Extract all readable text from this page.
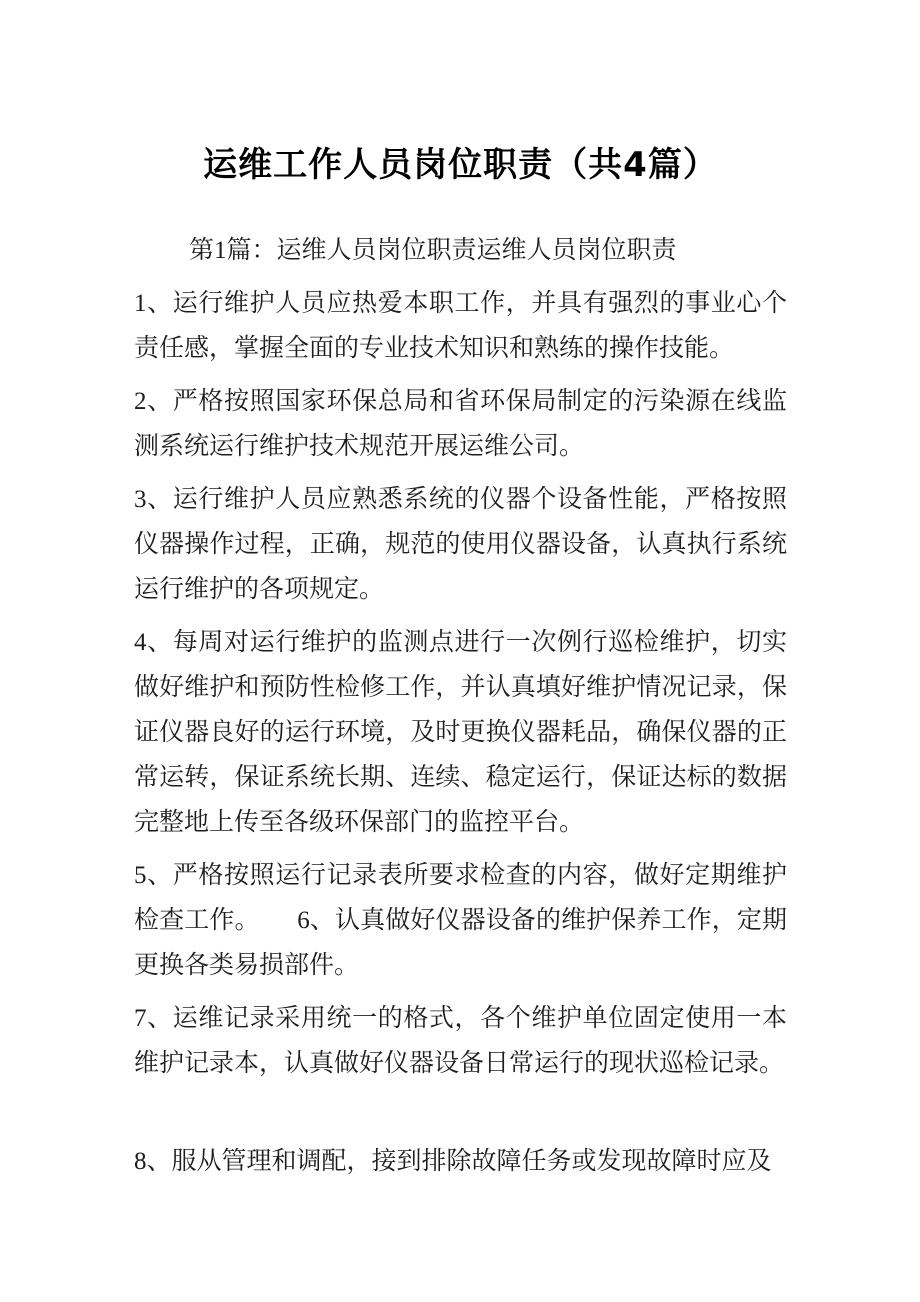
运维工作人员岗位职责（共4篇）

第1篇：运维人员岗位职责运维人员岗位职责

1、运行维护人员应热爱本职工作，并具有强烈的事业心个责任感，掌握全面的专业技术知识和熟练的操作技能。

2、严格按照国家环保总局和省环保局制定的污染源在线监测系统运行维护技术规范开展运维公司。

3、运行维护人员应熟悉系统的仪器个设备性能，严格按照仪器操作过程，正确，规范的使用仪器设备，认真执行系统运行维护的各项规定。

4、每周对运行维护的监测点进行一次例行巡检维护，切实做好维护和预防性检修工作，并认真填好维护情况记录，保证仪器良好的运行环境，及时更换仪器耗品，确保仪器的正常运转，保证系统长期、连续、稳定运行，保证达标的数据完整地上传至各级环保部门的监控平台。

5、严格按照运行记录表所要求检查的内容，做好定期维护检查工作。　　6、认真做好仪器设备的维护保养工作，定期更换各类易损部件。

7、运维记录采用统一的格式，各个维护单位固定使用一本维护记录本，认真做好仪器设备日常运行的现状巡检记录。

8、服从管理和调配，接到排除故障任务或发现故障时应及
